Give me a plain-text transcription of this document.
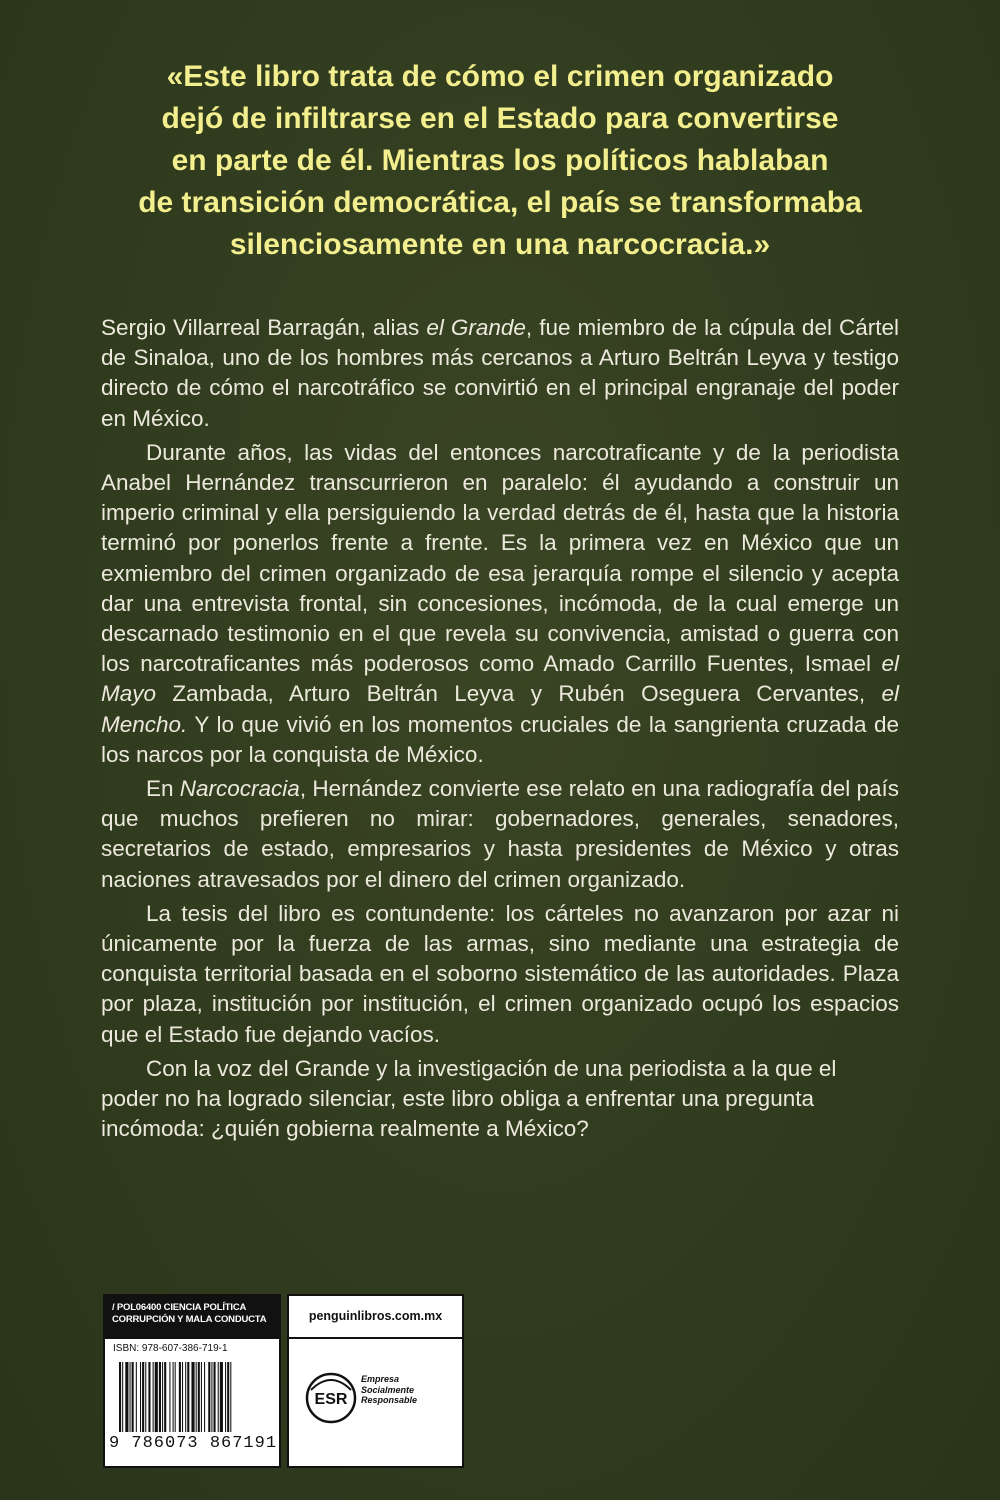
«Este libro trata de cómo el crimen organizado
dejó de infiltrarse en el Estado para convertirse
en parte de él. Mientras los políticos hablaban
de transición democrática, el país se transformaba
silenciosamente en una narcocracia.»

Sergio Villarreal Barragán, alias el Grande, fue miembro de la cúpula del Cártel de Sinaloa, uno de los hombres más cercanos a Arturo Beltrán Leyva y testigo directo de cómo el narcotráfico se convirtió en el principal engranaje del poder en México.

Durante años, las vidas del entonces narcotraficante y de la periodista Anabel Hernández transcurrieron en paralelo: él ayudando a construir un imperio criminal y ella persiguiendo la verdad detrás de él, hasta que la historia terminó por ponerlos frente a frente. Es la primera vez en México que un exmiembro del crimen organizado de esa jerarquía rompe el silencio y acepta dar una entrevista frontal, sin concesiones, incómoda, de la cual emerge un descarnado testimonio en el que revela su convivencia, amistad o guerra con los narcotraficantes más poderosos como Amado Carrillo Fuentes, Ismael el Mayo Zambada, Arturo Beltrán Leyva y Rubén Oseguera Cervantes, el Mencho. Y lo que vivió en los momentos cruciales de la sangrienta cruzada de los narcos por la conquista de México.

En Narcocracia, Hernández convierte ese relato en una radiografía del país que muchos prefieren no mirar: gobernadores, generales, senadores, secretarios de estado, empresarios y hasta presidentes de México y otras naciones atravesados por el dinero del crimen organizado.

La tesis del libro es contundente: los cárteles no avanzaron por azar ni únicamente por la fuerza de las armas, sino mediante una estrategia de conquista territorial basada en el soborno sistemático de las autoridades. Plaza por plaza, institución por institución, el crimen organizado ocupó los espacios que el Estado fue dejando vacíos.

Con la voz del Grande y la investigación de una periodista a la que el poder no ha logrado silenciar, este libro obliga a enfrentar una pregunta incómoda: ¿quién gobierna realmente a México?

/ POL06400 CIENCIA POLÍTICA
CORRUPCIÓN Y MALA CONDUCTA
ISBN: 978-607-386-719-1
9 786073 867191
penguinlibros.com.mx
ESR
Empresa
Socialmente
Responsable
